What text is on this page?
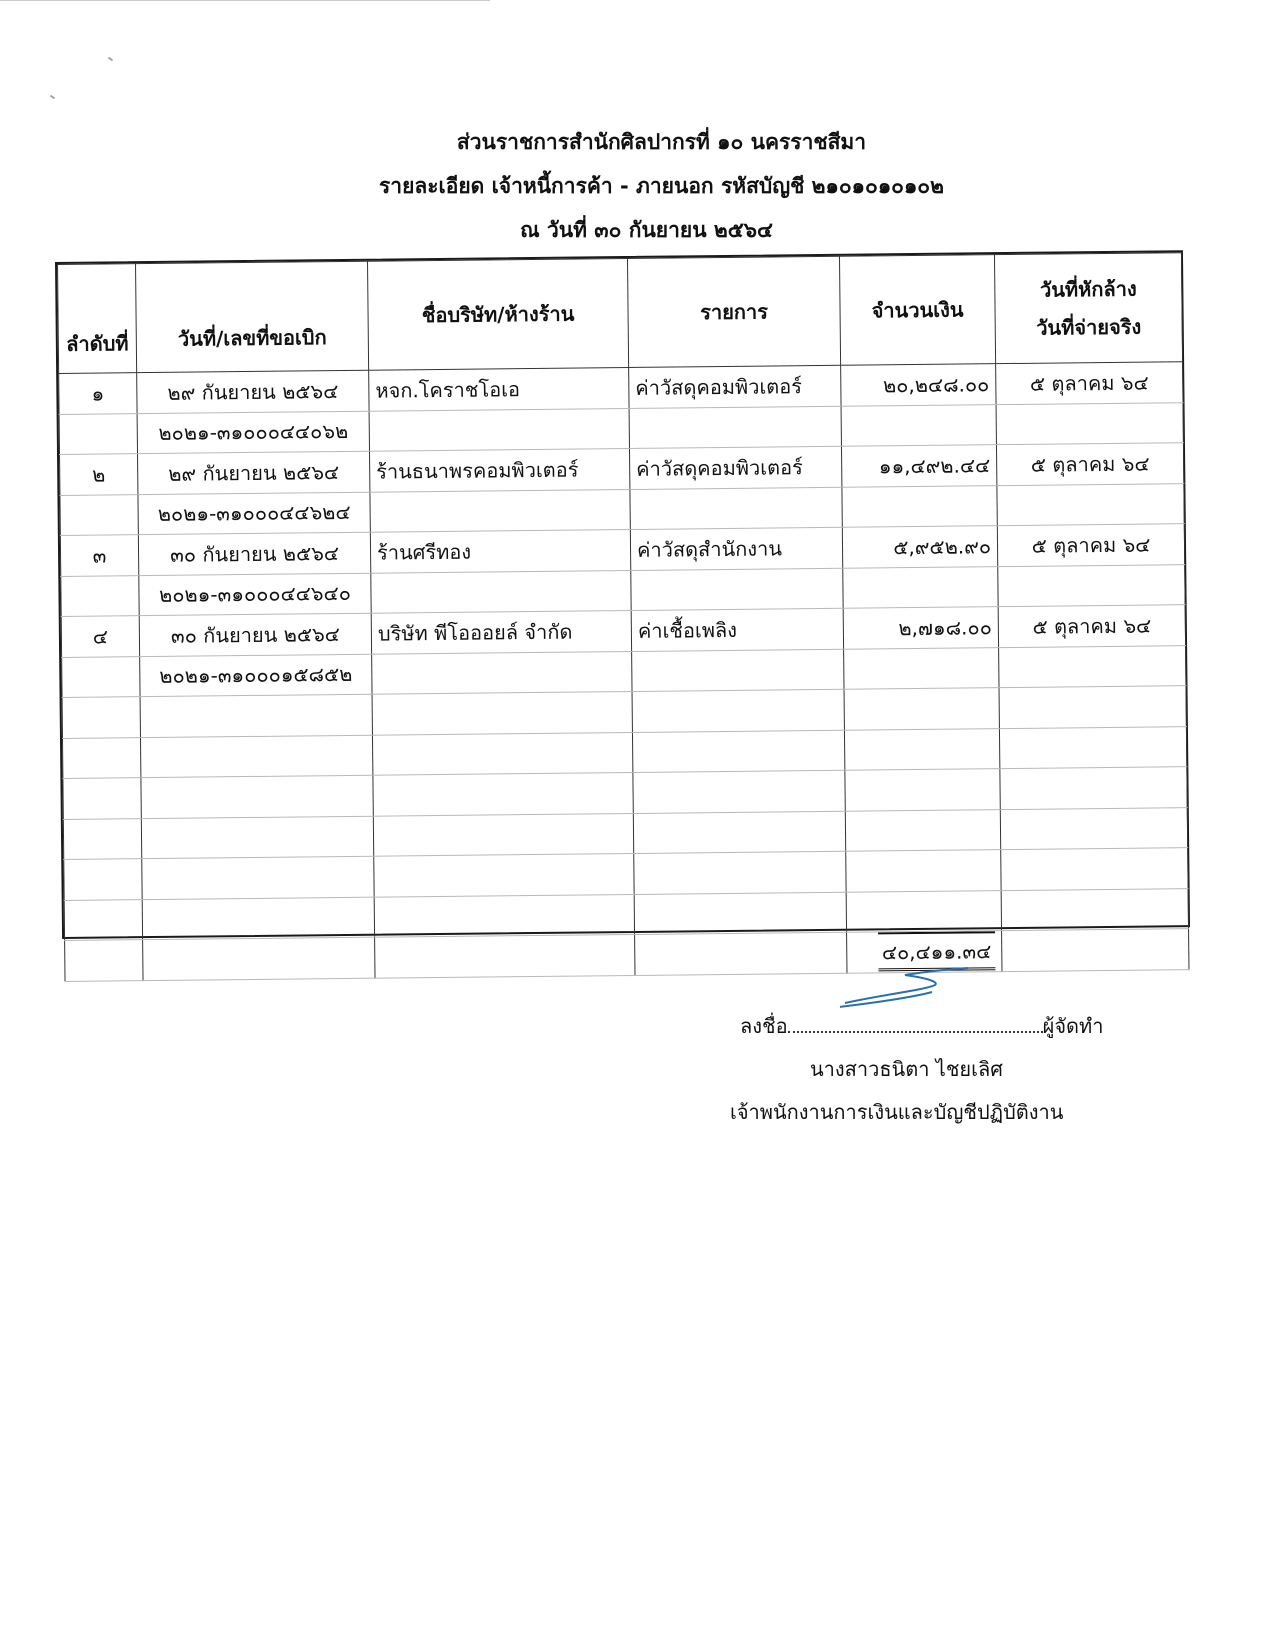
ส่วนราชการสำนักศิลปากรที่ ๑๐ นครราชสีมา
รายละเอียด เจ้าหนี้การค้า - ภายนอก รหัสบัญชี ๒๑๐๑๐๑๐๑๐๒
ณ วันที่ ๓๐ กันยายน ๒๕๖๔
ลำดับที่	วันที่/เลขที่ขอเบิก	ชื่อบริษัท/ห้างร้าน	รายการ	จำนวนเงิน	วันที่หักล้าง
วันที่จ่ายจริง

๑	๒๙ กันยายน ๒๕๖๔	หจก.โคราชโอเอ	ค่าวัสดุคอมพิวเตอร์	๒๐,๒๔๘.๐๐	๕ ตุลาคม ๖๔
	๒๐๒๑-๓๑๐๐๐๔๔๐๖๒				
๒	๒๙ กันยายน ๒๕๖๔	ร้านธนาพรคอมพิวเตอร์	ค่าวัสดุคอมพิวเตอร์	๑๑,๔๙๒.๔๔	๕ ตุลาคม ๖๔
	๒๐๒๑-๓๑๐๐๐๔๔๖๒๔				
๓	๓๐ กันยายน ๒๕๖๔	ร้านศรีทอง	ค่าวัสดุสำนักงาน	๕,๙๕๒.๙๐	๕ ตุลาคม ๖๔
	๒๐๒๑-๓๑๐๐๐๔๔๖๔๐				
๔	๓๐ กันยายน ๒๕๖๔	บริษัท พีโอออยล์ จำกัด	ค่าเชื้อเพลิง	๒,๗๑๘.๐๐	๕ ตุลาคม ๖๔
	๒๐๒๑-๓๑๐๐๐๑๕๘๕๒				

				๔๐,๔๑๑.๓๔	
ลงชื่อ	ผู้จัดทำ
นางสาวธนิตา ไชยเลิศ
เจ้าพนักงานการเงินและบัญชีปฏิบัติงาน
